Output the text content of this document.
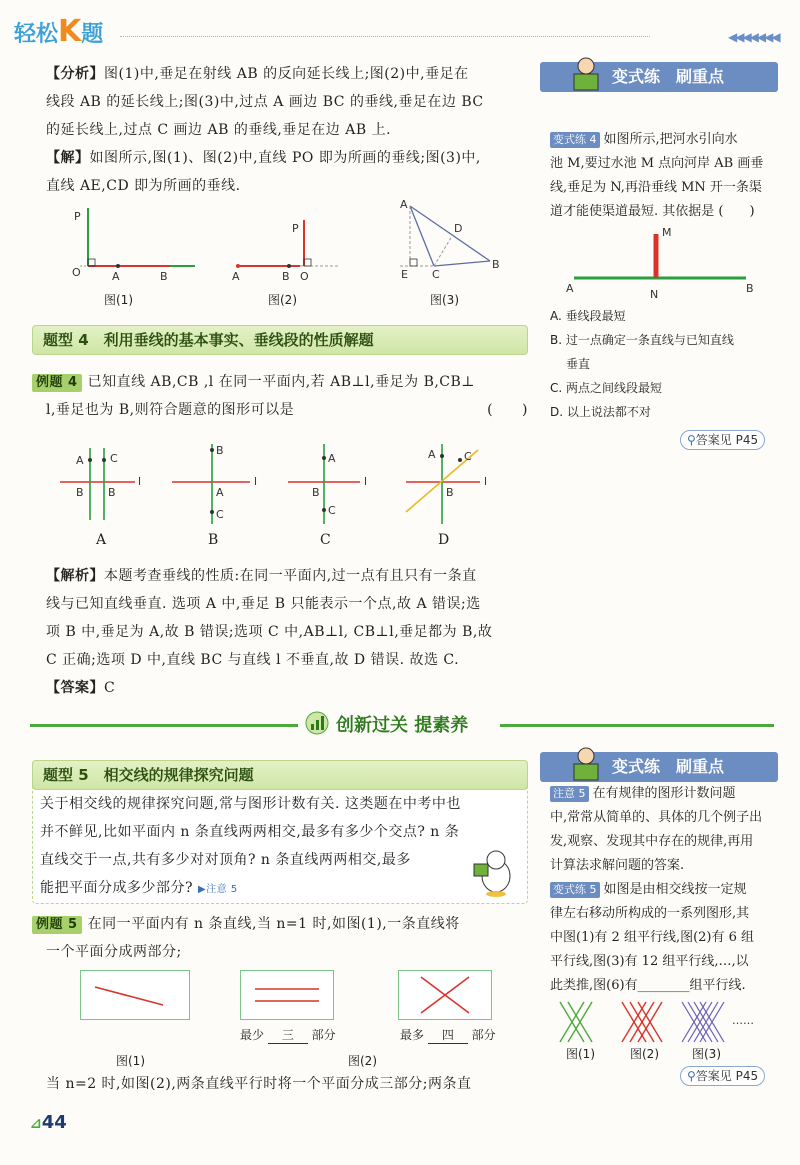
轻松K题	◀◀◀◀◀◀◀
【分析】图(1)中,垂足在射线 AB 的反向延长线上;图(2)中,垂足在
线段 AB 的延长线上;图(3)中,过点 A 画边 BC 的垂线,垂足在边 BC
的延长线上,过点 C 画边 AB 的垂线,垂足在边 AB 上.
【解】如图所示,图(1)、图(2)中,直线 PO 即为所画的垂线;图(3)中,
直线 AE,CD 即为所画的垂线.
P
O	A	B
P
A	B O
A
D
B
E C
图(1)	图(2)	图(3)
题型 4　利用垂线的基本事实、垂线段的性质解题
例题 4 已知直线 AB,CB ,l 在同一平面内,若 AB⊥l,垂足为 B,CB⊥
l,垂足也为 B,则符合题意的图形可以是	(　　)
A C
B B
l
B
A
C
l
A
B
C
l
A	C
B
l
A	B	C	D
【解析】本题考查垂线的性质:在同一平面内,过一点有且只有一条直
线与已知直线垂直. 选项 A 中,垂足 B 只能表示一个点,故 A 错误;选
项 B 中,垂足为 A,故 B 错误;选项 C 中,AB⊥l, CB⊥l,垂足都为 B,故
C 正确;选项 D 中,直线 BC 与直线 l 不垂直,故 D 错误. 故选 C.
【答案】C
创新过关 提素养
题型 5　相交线的规律探究问题
关于相交线的规律探究问题,常与图形计数有关. 这类题在中考中也
并不鲜见,比如平面内 n 条直线两两相交,最多有多少个交点? n 条
直线交于一点,共有多少对对顶角? n 条直线两两相交,最多
能把平面分成多少部分? ▶注意 5
例题 5 在同一平面内有 n 条直线,当 n=1 时,如图(1),一条直线将
一个平面分成两部分;
最少 三 部分	最多 四 部分
图(1)	图(2)
当 n=2 时,如图(2),两条直线平行时将一个平面分成三部分;两条直
⊿44
变式练　刷重点
变式练 4 如图所示,把河水引向水
池 M,要过水池 M 点向河岸 AB 画垂
线,垂足为 N,再沿垂线 MN 开一条渠
道才能使渠道最短. 其依据是 (　　)
M
A	N	B
A. 垂线段最短
B. 过一点确定一条直线与已知直线
垂直
C. 两点之间线段最短
D. 以上说法都不对
⚲答案见 P45
变式练　刷重点
注意 5 在有规律的图形计数问题
中,常常从简单的、具体的几个例子出
发,观察、发现其中存在的规律,再用
计算法求解问题的答案.
变式练 5 如图是由相交线按一定规
律左右移动所构成的一系列图形,其
中图(1)有 2 组平行线,图(2)有 6 组
平行线,图(3)有 12 组平行线,…,以
此类推,图(6)有________组平行线.
……
图(1)	图(2)	图(3)
⚲答案见 P45
